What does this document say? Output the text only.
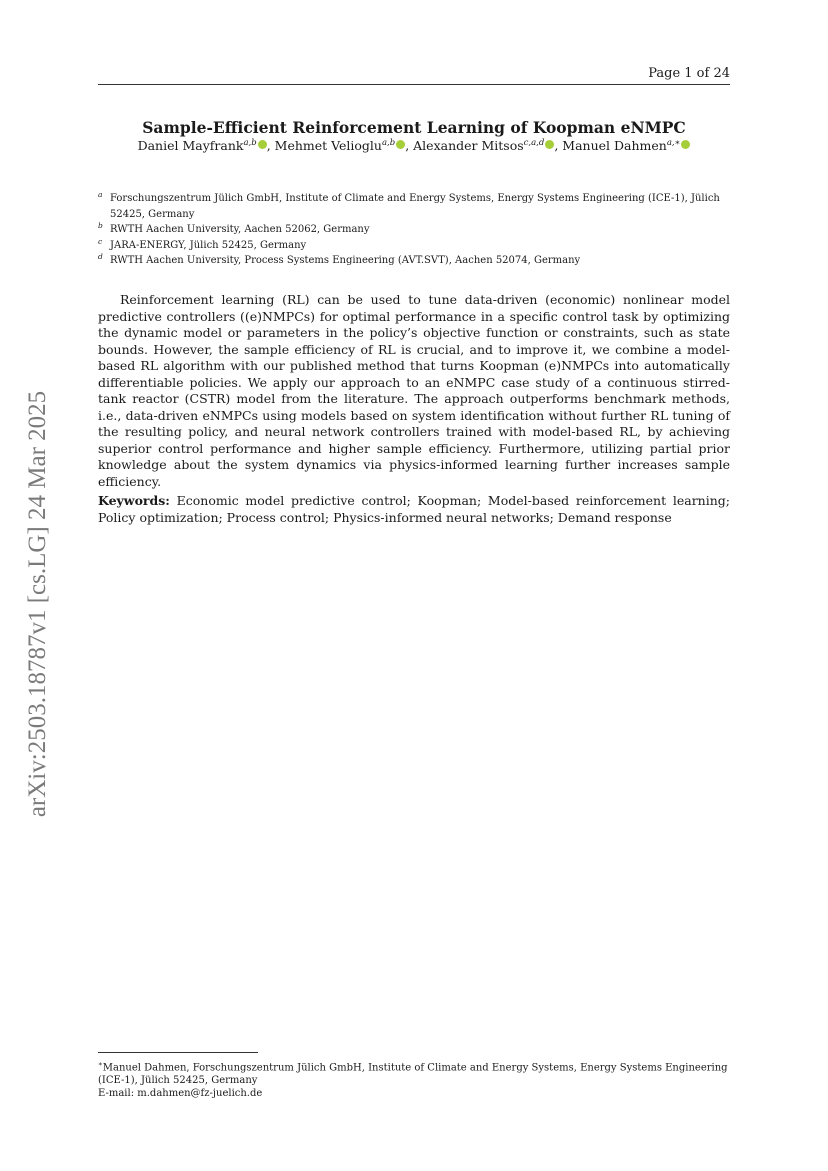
Page 1 of 24
Sample-Efficient Reinforcement Learning of Koopman eNMPC
Daniel Mayfrank$^{a,b}$ , Mehmet Velioglu$^{a,b}$ , Alexander Mitsos$^{c,a,d}$ , Manuel Dahmen$^{a,∗}$
a Forschungszentrum Jülich GmbH, Institute of Climate and Energy Systems, Energy Systems Engineering (ICE-1), Jülich 52425, Germany
b RWTH Aachen University, Aachen 52062, Germany
c JARA-ENERGY, Jülich 52425, Germany
d RWTH Aachen University, Process Systems Engineering (AVT.SVT), Aachen 52074, Germany

Reinforcement learning (RL) can be used to tune data-driven (economic) nonlinear model predictive controllers ((e)NMPCs) for optimal performance in a specific control task by optimizing the dynamic model or parameters in the policy’s objective function or constraints, such as state bounds. However, the sample efficiency of RL is crucial, and to improve it, we combine a model-based RL algorithm with our published method that turns Koopman (e)NMPCs into automatically differentiable policies. We apply our approach to an eNMPC case study of a continuous stirred-tank reactor (CSTR) model from the literature. The approach outperforms benchmark methods, i.e., data-driven eNMPCs using models based on system identification without further RL tuning of the resulting policy, and neural network controllers trained with model-based RL, by achieving superior control performance and higher sample efficiency. Furthermore, utilizing partial prior knowledge about the system dynamics via physics-informed learning further increases sample efficiency.

Keywords: Economic model predictive control; Koopman; Model-based reinforcement learning; Policy optimization; Process control; Physics-informed neural networks; Demand response

arXiv:2503.18787v1 [cs.LG] 24 Mar 2025
∗Manuel Dahmen, Forschungszentrum Jülich GmbH, Institute of Climate and Energy Systems, Energy Systems Engineering (ICE-1), Jülich 52425, Germany
E-mail: m.dahmen@fz-juelich.de
